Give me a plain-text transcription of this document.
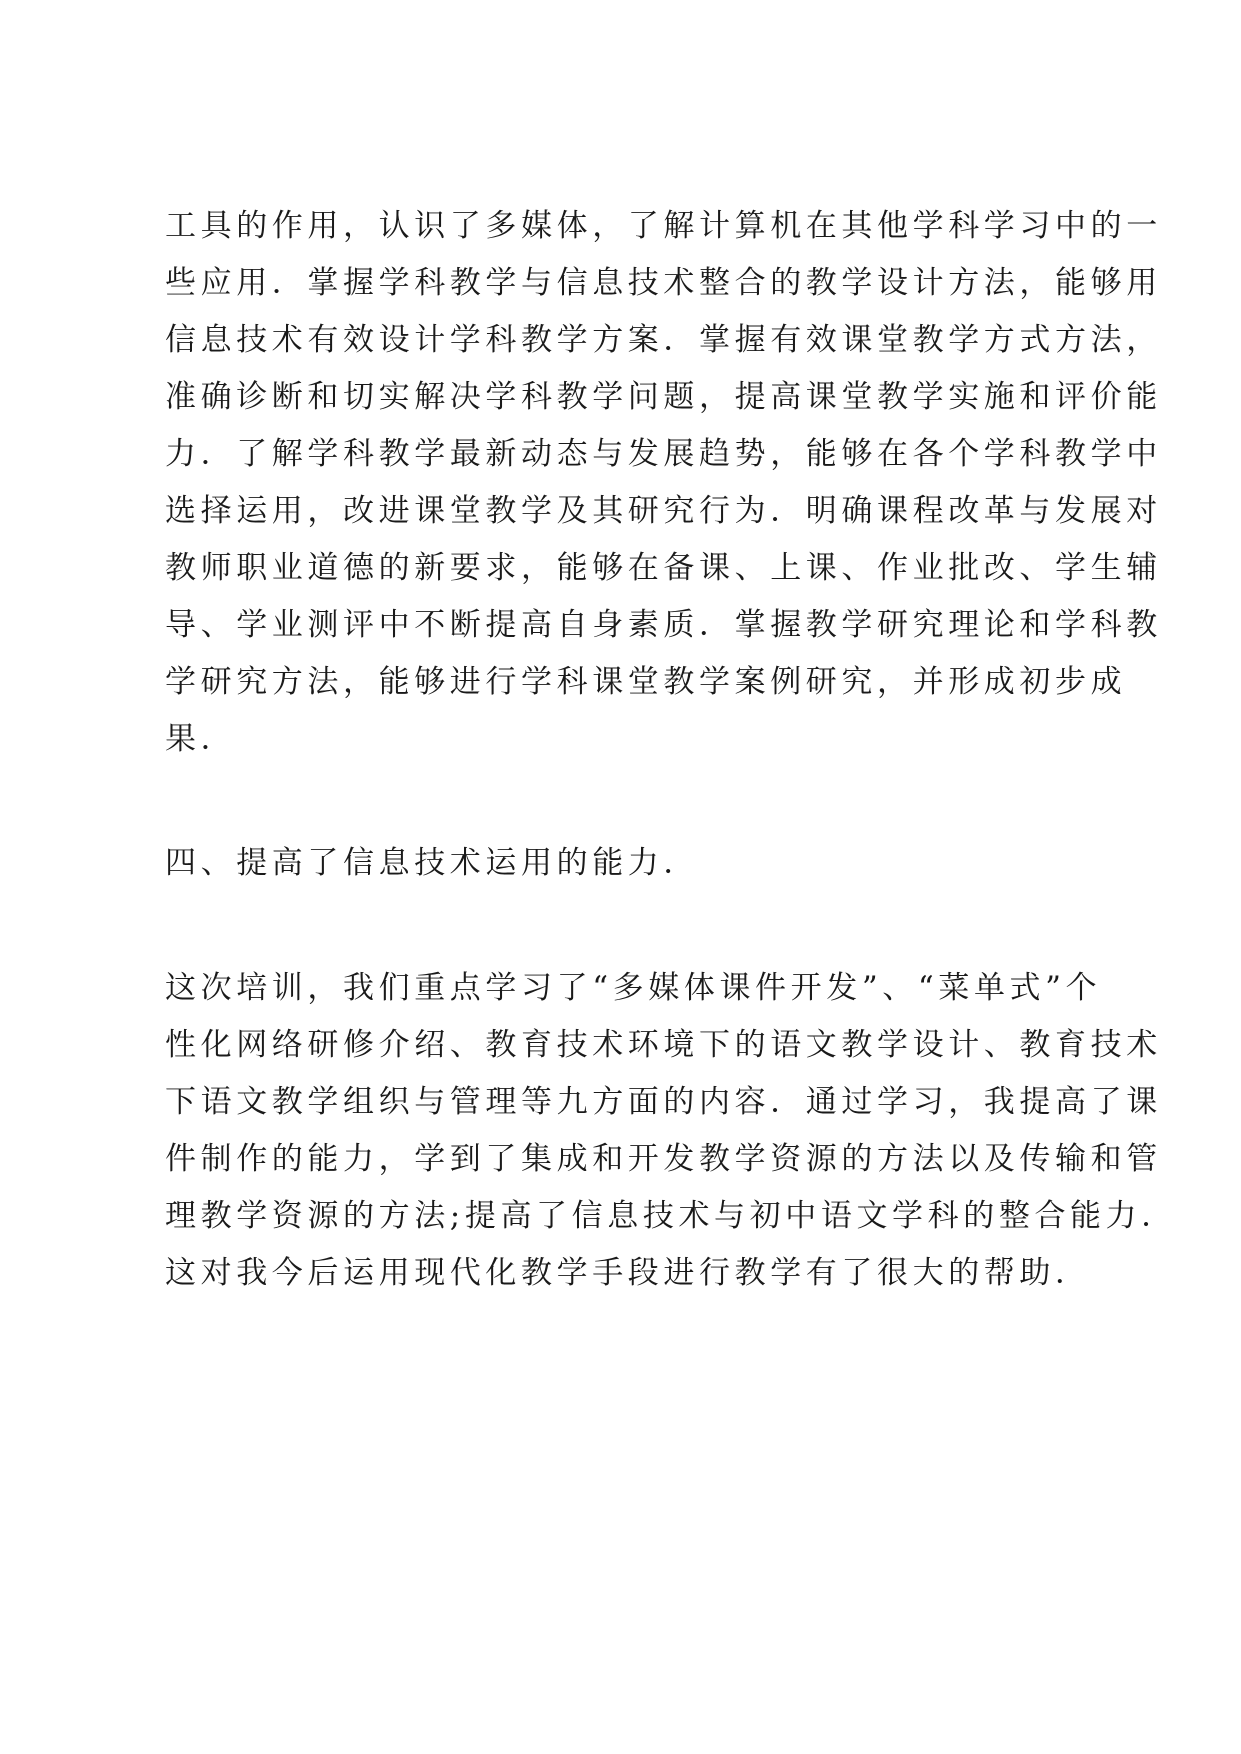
工具的作用，认识了多媒体，了解计算机在其他学科学习中的一
些应用．掌握学科教学与信息技术整合的教学设计方法，能够用
信息技术有效设计学科教学方案．掌握有效课堂教学方式方法，
准确诊断和切实解决学科教学问题，提高课堂教学实施和评价能
力．了解学科教学最新动态与发展趋势，能够在各个学科教学中
选择运用，改进课堂教学及其研究行为．明确课程改革与发展对
教师职业道德的新要求，能够在备课、上课、作业批改、学生辅
导、学业测评中不断提高自身素质．掌握教学研究理论和学科教
学研究方法，能够进行学科课堂教学案例研究，并形成初步成
果．
四、提高了信息技术运用的能力．
这次培训，我们重点学习了“多媒体课件开发”、“菜单式”个
性化网络研修介绍、教育技术环境下的语文教学设计、教育技术
下语文教学组织与管理等九方面的内容．通过学习，我提高了课
件制作的能力，学到了集成和开发教学资源的方法以及传输和管
理教学资源的方法;提高了信息技术与初中语文学科的整合能力．
这对我今后运用现代化教学手段进行教学有了很大的帮助．
